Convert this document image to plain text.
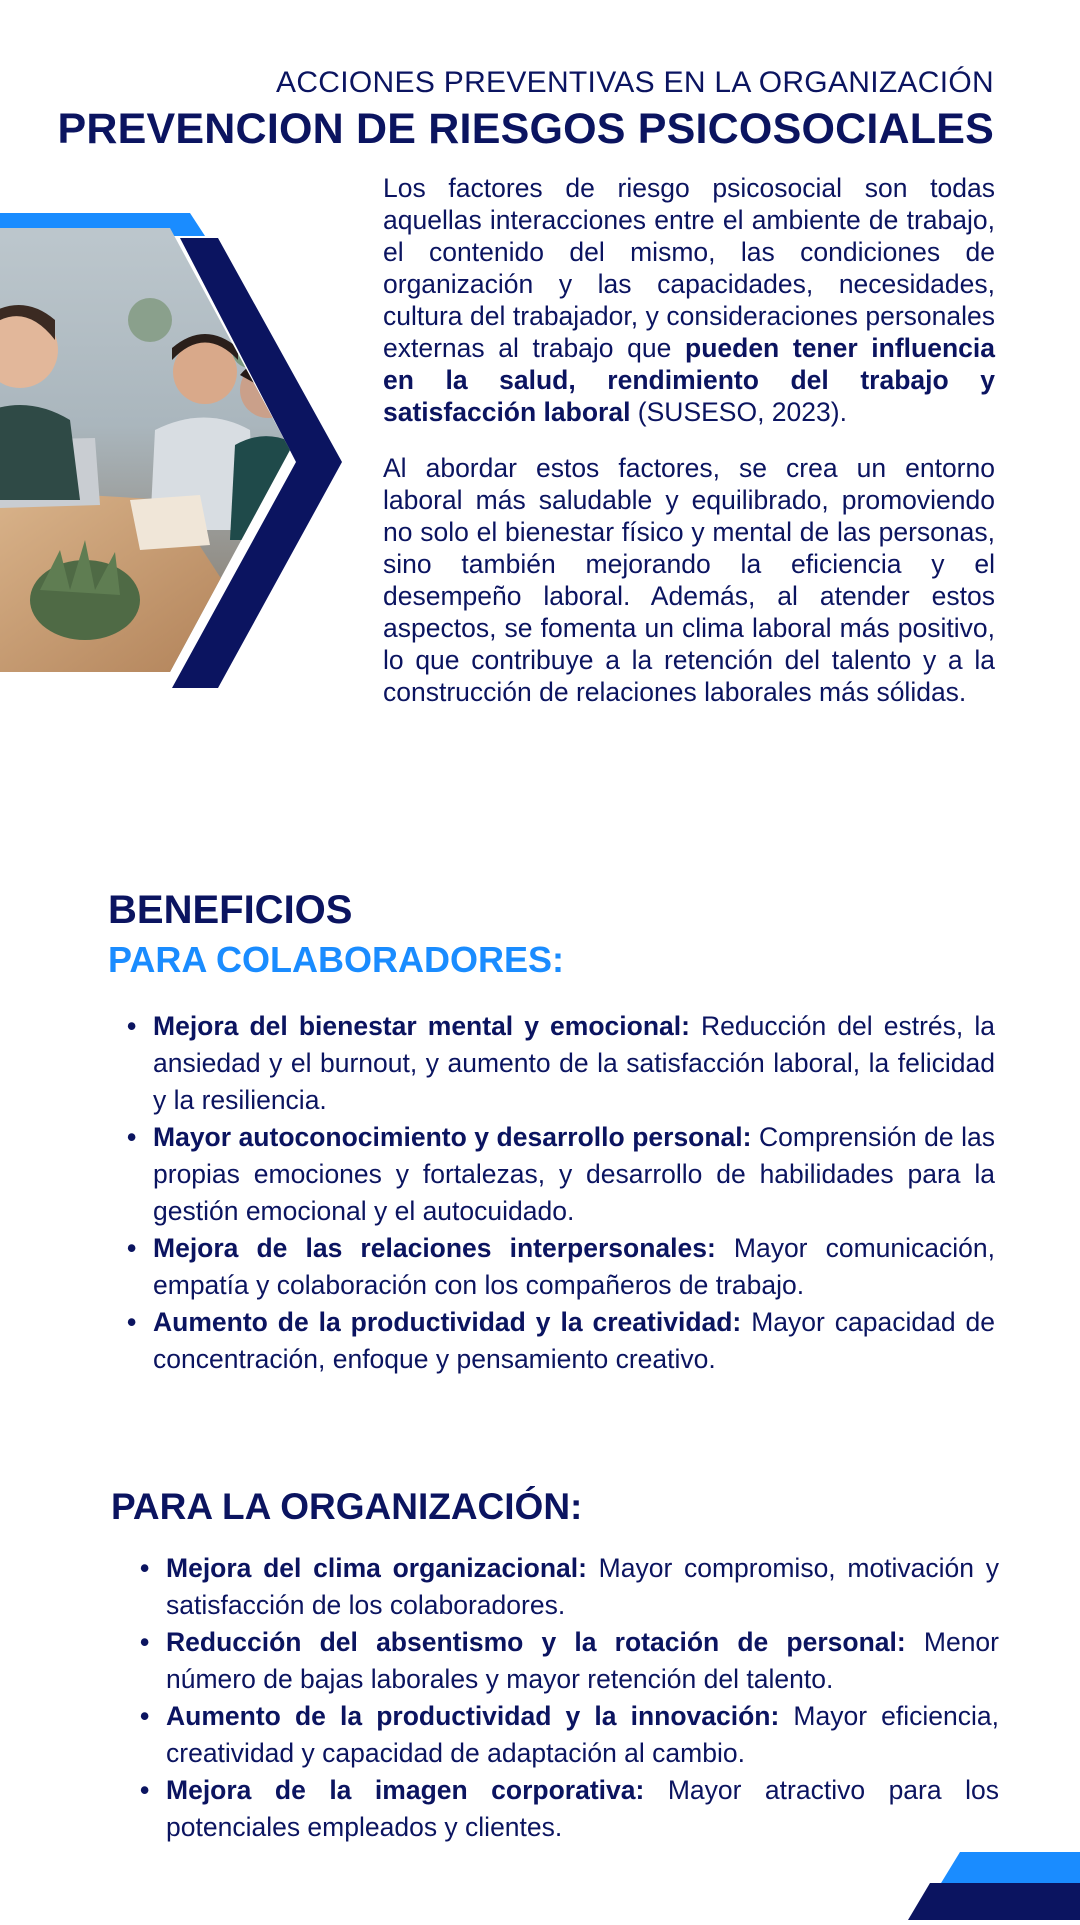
ACCIONES PREVENTIVAS EN LA ORGANIZACIÓN
PREVENCION DE RIESGOS PSICOSOCIALES

Los factores de riesgo psicosocial son todas aquellas interacciones entre el ambiente de trabajo, el contenido del mismo, las condiciones de organización y las capacidades, necesidades, cultura del trabajador, y consideraciones personales externas al trabajo que pueden tener influencia en la salud, rendimiento del trabajo y satisfacción laboral (SUSESO, 2023).

Al abordar estos factores, se crea un entorno laboral más saludable y equilibrado, promoviendo no solo el bienestar físico y mental de las personas, sino también mejorando la eficiencia y el desempeño laboral. Además, al atender estos aspectos, se fomenta un clima laboral más positivo, lo que contribuye a la retención del talento y a la construcción de relaciones laborales más sólidas.

BENEFICIOS
PARA COLABORADORES:
• Mejora del bienestar mental y emocional: Reducción del estrés, la ansiedad y el burnout, y aumento de la satisfacción laboral, la felicidad y la resiliencia.
• Mayor autoconocimiento y desarrollo personal: Comprensión de las propias emociones y fortalezas, y desarrollo de habilidades para la gestión emocional y el autocuidado.
• Mejora de las relaciones interpersonales: Mayor comunicación, empatía y colaboración con los compañeros de trabajo.
• Aumento de la productividad y la creatividad: Mayor capacidad de concentración, enfoque y pensamiento creativo.
PARA LA ORGANIZACIÓN:
• Mejora del clima organizacional: Mayor compromiso, motivación y satisfacción de los colaboradores.
• Reducción del absentismo y la rotación de personal: Menor número de bajas laborales y mayor retención del talento.
• Aumento de la productividad y la innovación: Mayor eficiencia, creatividad y capacidad de adaptación al cambio.
• Mejora de la imagen corporativa: Mayor atractivo para los potenciales empleados y clientes.
